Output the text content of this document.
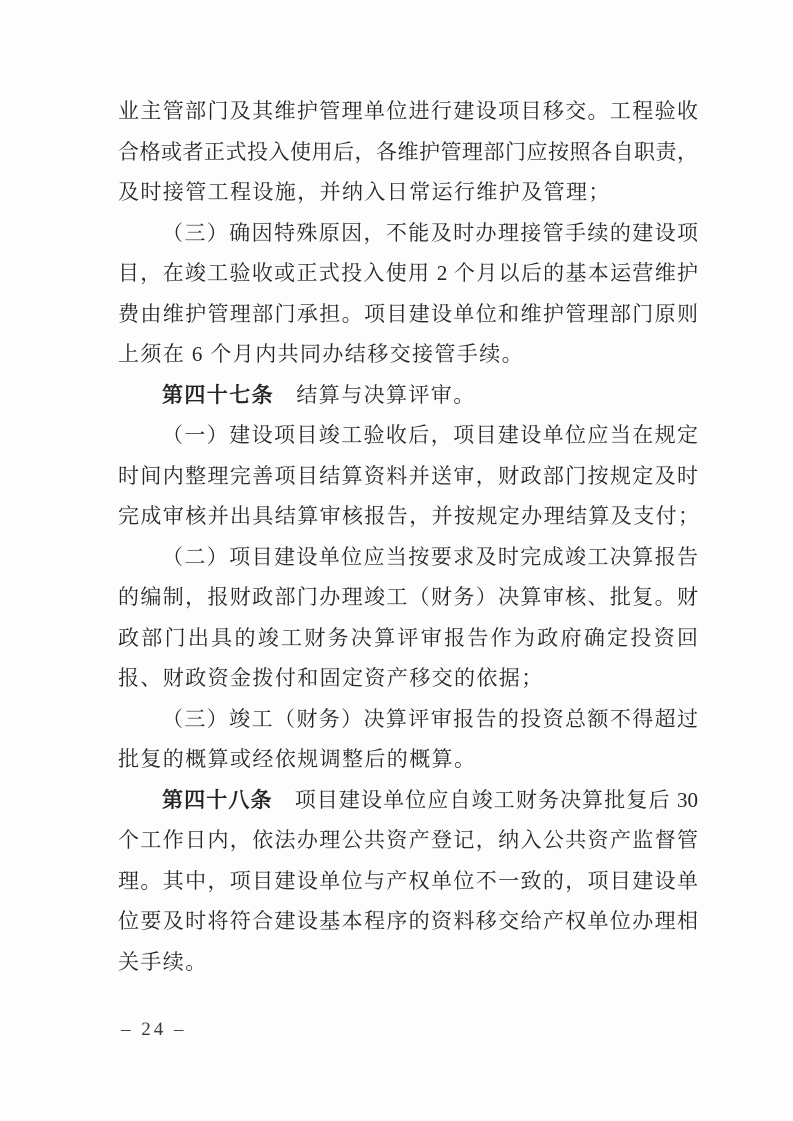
业主管部门及其维护管理单位进行建设项目移交。工程验收
合格或者正式投入使用后，各维护管理部门应按照各自职责，
及时接管工程设施，并纳入日常运行维护及管理；
（三）确因特殊原因，不能及时办理接管手续的建设项
目，在竣工验收或正式投入使用 2 个月以后的基本运营维护
费由维护管理部门承担。项目建设单位和维护管理部门原则
上须在 6 个月内共同办结移交接管手续。
第四十七条　结算与决算评审。
（一）建设项目竣工验收后，项目建设单位应当在规定
时间内整理完善项目结算资料并送审，财政部门按规定及时
完成审核并出具结算审核报告，并按规定办理结算及支付；
（二）项目建设单位应当按要求及时完成竣工决算报告
的编制，报财政部门办理竣工（财务）决算审核、批复。财
政部门出具的竣工财务决算评审报告作为政府确定投资回
报、财政资金拨付和固定资产移交的依据；
（三）竣工（财务）决算评审报告的投资总额不得超过
批复的概算或经依规调整后的概算。
第四十八条　项目建设单位应自竣工财务决算批复后 30
个工作日内，依法办理公共资产登记，纳入公共资产监督管
理。其中，项目建设单位与产权单位不一致的，项目建设单
位要及时将符合建设基本程序的资料移交给产权单位办理相
关手续。
– 24 –
